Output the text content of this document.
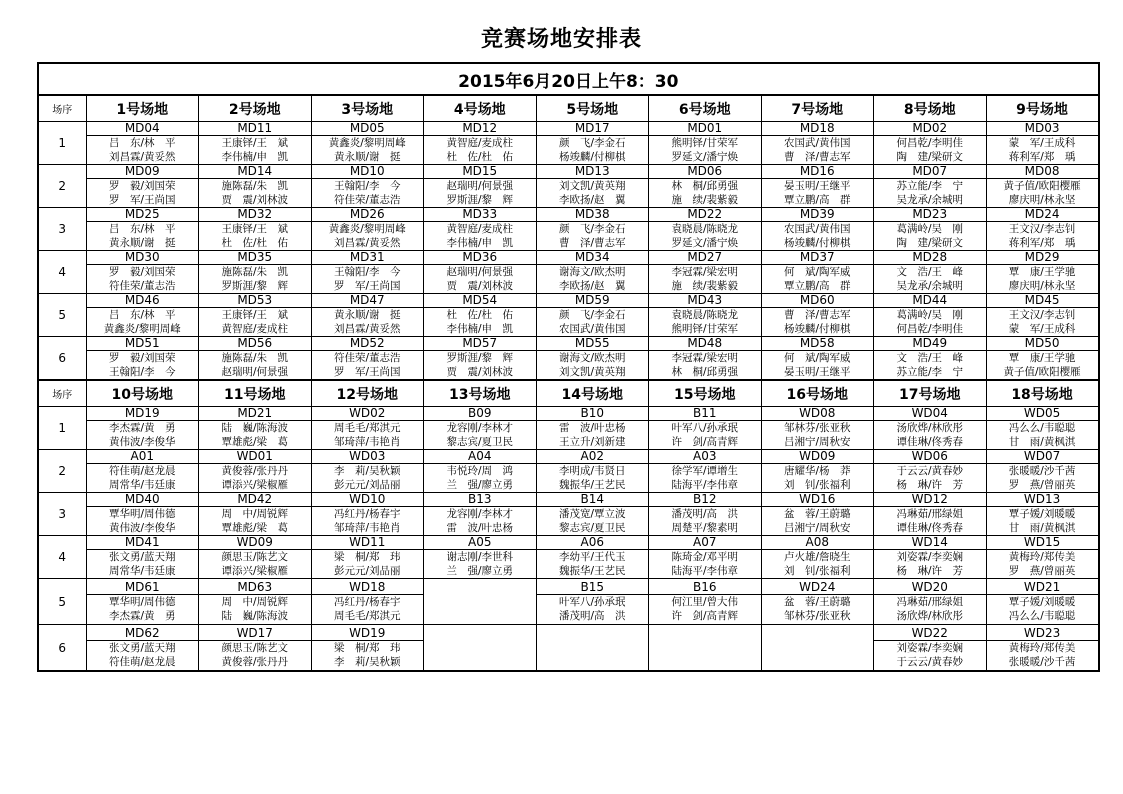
竞赛场地安排表
2015年6月20日上午8：30									
场序	1号场地	2号场地	3号场地	4号场地	5号场地	6号场地	7号场地	8号场地	9号场地
1	MD04
吕　东/林　平
刘昌霖/黄妥然	MD11
王康铎/王　斌
李伟楠/申　凯	MD05
黄鑫炎/黎明周峰
黄永顺/谢　挺	MD12
黄智庭/麦成柱
杜　佐/杜　佑	MD17
颜　飞/李金石
杨竣麟/付柳棋	MD01
熊明铎/甘荣军
罗延文/潘宁焕	MD18
农国武/黄伟国
曹　泽/曹志军	MD02
何昌乾/李明佳
陶　建/梁研文	MD03
蒙　军/王成科
蒋利军/郑　瑀

2	MD09
罗　毅/刘国荣
罗　军/王尚国	MD14
施陈磊/朱　凯
贾　震/刘林波	MD10
王翰阳/李　今
符佳荣/董志浩	MD15
赵瑞明/何景强
罗斯涯/黎　辉	MD13
刘文凯/黄英翔
李欧扬/赵　翼	MD06
林　桐/邱勇强
施　续/裴紫毅	MD16
晏玉明/王继平
覃立鹏/高　群	MD07
苏立能/李　宁
吴龙承/余城明	MD08
黄子值/欧阳樱雁
廖庆明/林永坚

3	MD25
吕　东/林　平
黄永顺/谢　挺	MD32
王康铎/王　斌
杜　佐/杜　佑	MD26
黄鑫炎/黎明周峰
刘昌霖/黄妥然	MD33
黄智庭/麦成柱
李伟楠/申　凯	MD38
颜　飞/李金石
曹　泽/曹志军	MD22
袁晓晨/陈晓龙
罗延文/潘宁焕	MD39
农国武/黄伟国
杨竣麟/付柳棋	MD23
葛满岭/吴　刚
陶　建/梁研文	MD24
王文汉/李志钊
蒋利军/郑　瑀

4	MD30
罗　毅/刘国荣
符佳荣/董志浩	MD35
施陈磊/朱　凯
罗斯涯/黎　辉	MD31
王翰阳/李　今
罗　军/王尚国	MD36
赵瑞明/何景强
贾　震/刘林波	MD34
谢海文/欧杰明
李欧扬/赵　翼	MD27
李冠霖/梁宏明
施　续/裴紫毅	MD37
何　斌/陶军威
覃立鹏/高　群	MD28
文　浩/王　峰
吴龙承/余城明	MD29
覃　康/王学驰
廖庆明/林永坚

5	MD46
吕　东/林　平
黄鑫炎/黎明周峰	MD53
王康铎/王　斌
黄智庭/麦成柱	MD47
黄永顺/谢　挺
刘昌霖/黄妥然	MD54
杜　佐/杜　佑
李伟楠/申　凯	MD59
颜　飞/李金石
农国武/黄伟国	MD43
袁晓晨/陈晓龙
熊明铎/甘荣军	MD60
曹　泽/曹志军
杨竣麟/付柳棋	MD44
葛满岭/吴　刚
何昌乾/李明佳	MD45
王文汉/李志钊
蒙　军/王成科

6	MD51
罗　毅/刘国荣
王翰阳/李　今	MD56
施陈磊/朱　凯
赵瑞明/何景强	MD52
符佳荣/董志浩
罗　军/王尚国	MD57
罗斯涯/黎　辉
贾　震/刘林波	MD55
谢海文/欧杰明
刘文凯/黄英翔	MD48
李冠霖/梁宏明
林　桐/邱勇强	MD58
何　斌/陶军威
晏玉明/王继平	MD49
文　浩/王　峰
苏立能/李　宁	MD50
覃　康/王学驰
黄子值/欧阳樱雁

场序	10号场地	11号场地	12号场地	13号场地	14号场地	15号场地	16号场地	17号场地	18号场地
1	MD19
李杰霖/黄　勇
黄伟波/李俊华	MD21
陆　巍/陈海波
覃雄彪/梁　葛	WD02
周毛毛/郑淇元
邹琦萍/韦艳肖	B09
龙容刚/李林才
黎志宾/夏卫民	B10
雷　波/叶忠杨
王立升/刘新建	B11
叶军八/孙承珉
许　剑/高青辉	WD08
邹林芬/张亚秋
吕湘宁/周秋安	WD04
汤欣烨/林欣彤
谭佳琳/佟秀春	WD05
冯么么/韦聪聪
甘　雨/黄枫淇

2	A01
符佳萌/赵龙晨
周常华/韦廷康	WD01
黄俊蓉/张丹丹
谭添兴/梁椒雁	WD03
李　莉/吴秋颖
彭元元/刘品丽	A04
韦悦玲/周　鸿
兰　强/廖立勇	A02
李明成/韦贤日
魏振华/王艺民	A03
徐学军/谭增生
陆海平/李伟章	WD09
唐耀华/杨　莽
刘　钊/张福利	WD06
于云云/黄春妙
杨　琳/许　芳	WD07
张暖暖/沙千茜
罗　燕/曾丽英

3	MD40
覃华明/周伟德
黄伟波/李俊华	MD42
周　中/周锐辉
覃雄彪/梁　葛	WD10
冯红丹/杨春宇
邹琦萍/韦艳肖	B13
龙容刚/李林才
雷　波/叶忠杨	B14
潘茂宽/覃立波
黎志宾/夏卫民	B12
潘茂明/高　洪
周楚平/黎素明	WD16
盆　蓉/王蔚璐
吕湘宁/周秋安	WD12
冯琳茹/邢绿姐
谭佳琳/佟秀春	WD13
覃子媛/刘暖暖
甘　雨/黄枫淇

4	MD41
张文勇/蓝天翔
周常华/韦廷康	WD09
颜思玉/陈艺文
谭添兴/梁椒雁	WD11
梁　桐/郑　玮
彭元元/刘品丽	A05
谢志刚/李世科
兰　强/廖立勇	A06
李幼平/王代玉
魏振华/王艺民	A07
陈琦金/邓平明
陆海平/李伟章	A08
卢火雄/詹晓生
刘　钊/张福利	WD14
刘姿霖/李奕娴
杨　琳/许　芳	WD15
黄梅玲/郑传美
罗　燕/曾丽英

5	MD61
覃华明/周伟德
李杰霖/黄　勇	MD63
周　中/周锐辉
陆　巍/陈海波	WD18
冯红丹/杨春宇
周毛毛/郑淇元		B15
叶军八/孙承珉
潘茂明/高　洪	B16
何江里/曾大伟
许　剑/高青辉	WD24
盆　蓉/王蔚璐
邹林芬/张亚秋	WD20
冯琳茹/邢绿姐
汤欣烨/林欣彤	WD21
覃子媛/刘暖暖
冯么么/韦聪聪

6	MD62
张文勇/蓝天翔
符佳萌/赵龙晨	WD17
颜思玉/陈艺文
黄俊蓉/张丹丹	WD19
梁　桐/郑　玮
李　莉/吴秋颖					WD22
刘姿霖/李奕娴
于云云/黄春妙	WD23
黄梅玲/郑传美
张暖暖/沙千茜
